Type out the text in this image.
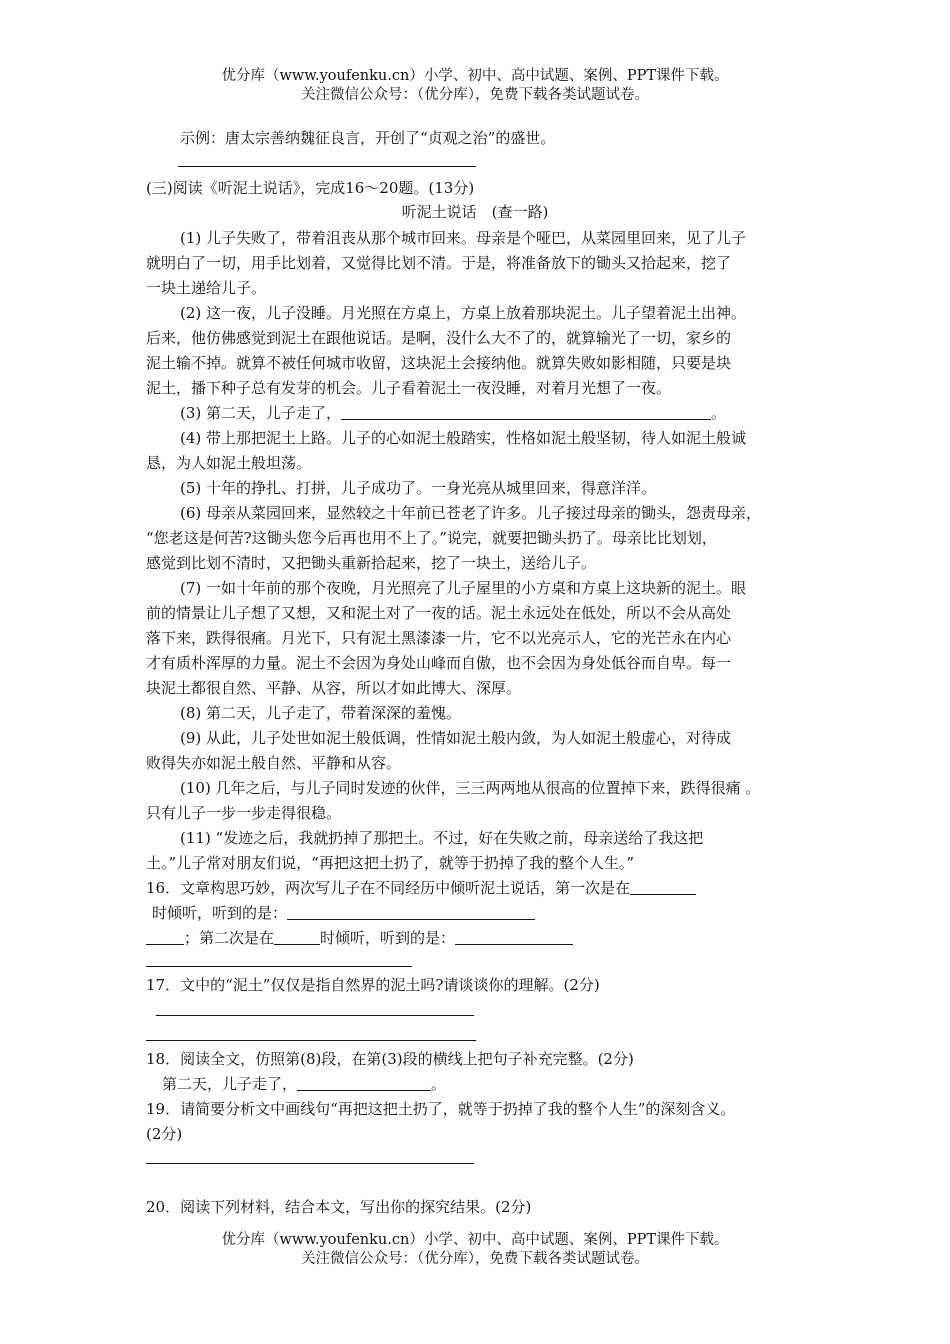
优分库（www.youfenku.cn）小学、初中、高中试题、案例、PPT课件下载。
关注微信公众号：（优分库），免费下载各类试题试卷。
示例：唐太宗善纳魏征良言，开创了“贞观之治”的盛世。
(三)阅读《听泥土说话》，完成16～20题。(13分)
听泥土说话　(查一路)
(1) 儿子失败了，带着沮丧从那个城市回来。母亲是个哑巴，从菜园里回来，见了儿子
就明白了一切，用手比划着，又觉得比划不清。于是，将准备放下的锄头又拾起来，挖了
一块土递给儿子。
(2) 这一夜，儿子没睡。月光照在方桌上，方桌上放着那块泥土。儿子望着泥土出神。
后来，他仿佛感觉到泥土在跟他说话。是啊，没什么大不了的，就算输光了一切，家乡的
泥土输不掉。就算不被任何城市收留，这块泥土会接纳他。就算失败如影相随，只要是块
泥土，播下种子总有发芽的机会。儿子看着泥土一夜没睡，对着月光想了一夜。
(3) 第二天，儿子走了，	。
(4) 带上那把泥土上路。儿子的心如泥土般踏实，性格如泥土般坚韧，待人如泥土般诚
恳，为人如泥土般坦荡。
(5) 十年的挣扎、打拼，儿子成功了。一身光亮从城里回来，得意洋洋。
(6) 母亲从菜园回来，显然较之十年前已苍老了许多。儿子接过母亲的锄头，怨责母亲，
“您老这是何苦?这锄头您今后再也用不上了。”说完，就要把锄头扔了。母亲比比划划，
感觉到比划不清时，又把锄头重新拾起来，挖了一块土，送给儿子。
(7) 一如十年前的那个夜晚，月光照亮了儿子屋里的小方桌和方桌上这块新的泥土。眼
前的情景让儿子想了又想，又和泥土对了一夜的话。泥土永远处在低处，所以不会从高处
落下来，跌得很痛。月光下，只有泥土黑漆漆一片，它不以光亮示人，它的光芒永在内心
才有质朴浑厚的力量。泥土不会因为身处山峰而自傲，也不会因为身处低谷而自卑。每一
块泥土都很自然、平静、从容，所以才如此博大、深厚。
(8) 第二天，儿子走了，带着深深的羞愧。
(9) 从此，儿子处世如泥土般低调，性情如泥土般内敛，为人如泥土般虚心，对待成
败得失亦如泥土般自然、平静和从容。
(10) 几年之后，与儿子同时发迹的伙伴，三三两两地从很高的位置掉下来，跌得很痛 。
只有儿子一步一步走得很稳。
(11) “发迹之后，我就扔掉了那把土。不过，好在失败之前，母亲送给了我这把
土。”儿子常对朋友们说，“再把这把土扔了，就等于扔掉了我的整个人生。”
16．文章构思巧妙，两次写儿子在不同经历中倾听泥土说话，第一次是在
时倾听，听到的是：
；第二次是在	时倾听，听到的是：
17．文中的“泥土”仅仅是指自然界的泥土吗?请谈谈你的理解。(2分)
18．阅读全文，仿照第(8)段，在第(3)段的横线上把句子补充完整。(2分)
第二天，儿子走了，	。
19．请简要分析文中画线句“再把这把土扔了，就等于扔掉了我的整个人生”的深刻含义。
(2分)
20．阅读下列材料，结合本文，写出你的探究结果。(2分)
优分库（www.youfenku.cn）小学、初中、高中试题、案例、PPT课件下载。
关注微信公众号：（优分库），免费下载各类试题试卷。
